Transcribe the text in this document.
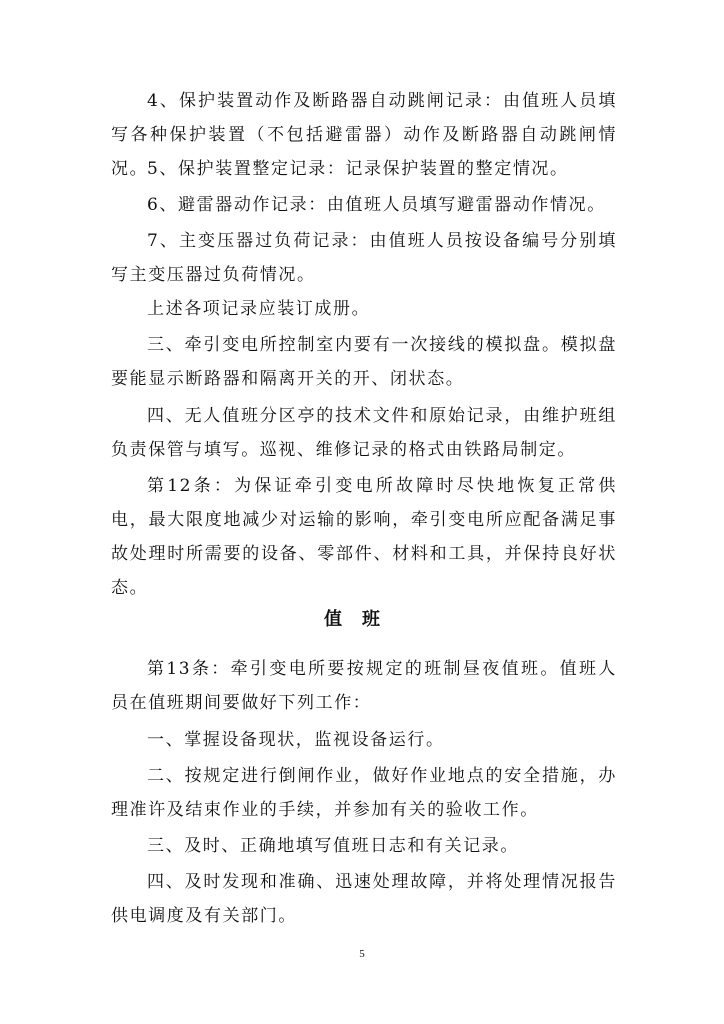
4、保护装置动作及断路器自动跳闸记录：由值班人员填写各种保护装置（不包括避雷器）动作及断路器自动跳闸情况。

5、保护装置整定记录：记录保护装置的整定情况。

6、避雷器动作记录：由值班人员填写避雷器动作情况。

7、主变压器过负荷记录：由值班人员按设备编号分别填写主变压器过负荷情况。

上述各项记录应装订成册。

三、牵引变电所控制室内要有一次接线的模拟盘。模拟盘要能显示断路器和隔离开关的开、闭状态。

四、无人值班分区亭的技术文件和原始记录，由维护班组负责保管与填写。巡视、维修记录的格式由铁路局制定。

第12条：为保证牵引变电所故障时尽快地恢复正常供电，最大限度地减少对运输的影响，牵引变电所应配备满足事故处理时所需要的设备、零部件、材料和工具，并保持良好状态。

值班

第13条：牵引变电所要按规定的班制昼夜值班。值班人员在值班期间要做好下列工作：

一、掌握设备现状，监视设备运行。

二、按规定进行倒闸作业，做好作业地点的安全措施，办理准许及结束作业的手续，并参加有关的验收工作。

三、及时、正确地填写值班日志和有关记录。

四、及时发现和准确、迅速处理故障，并将处理情况报告供电调度及有关部门。

5
